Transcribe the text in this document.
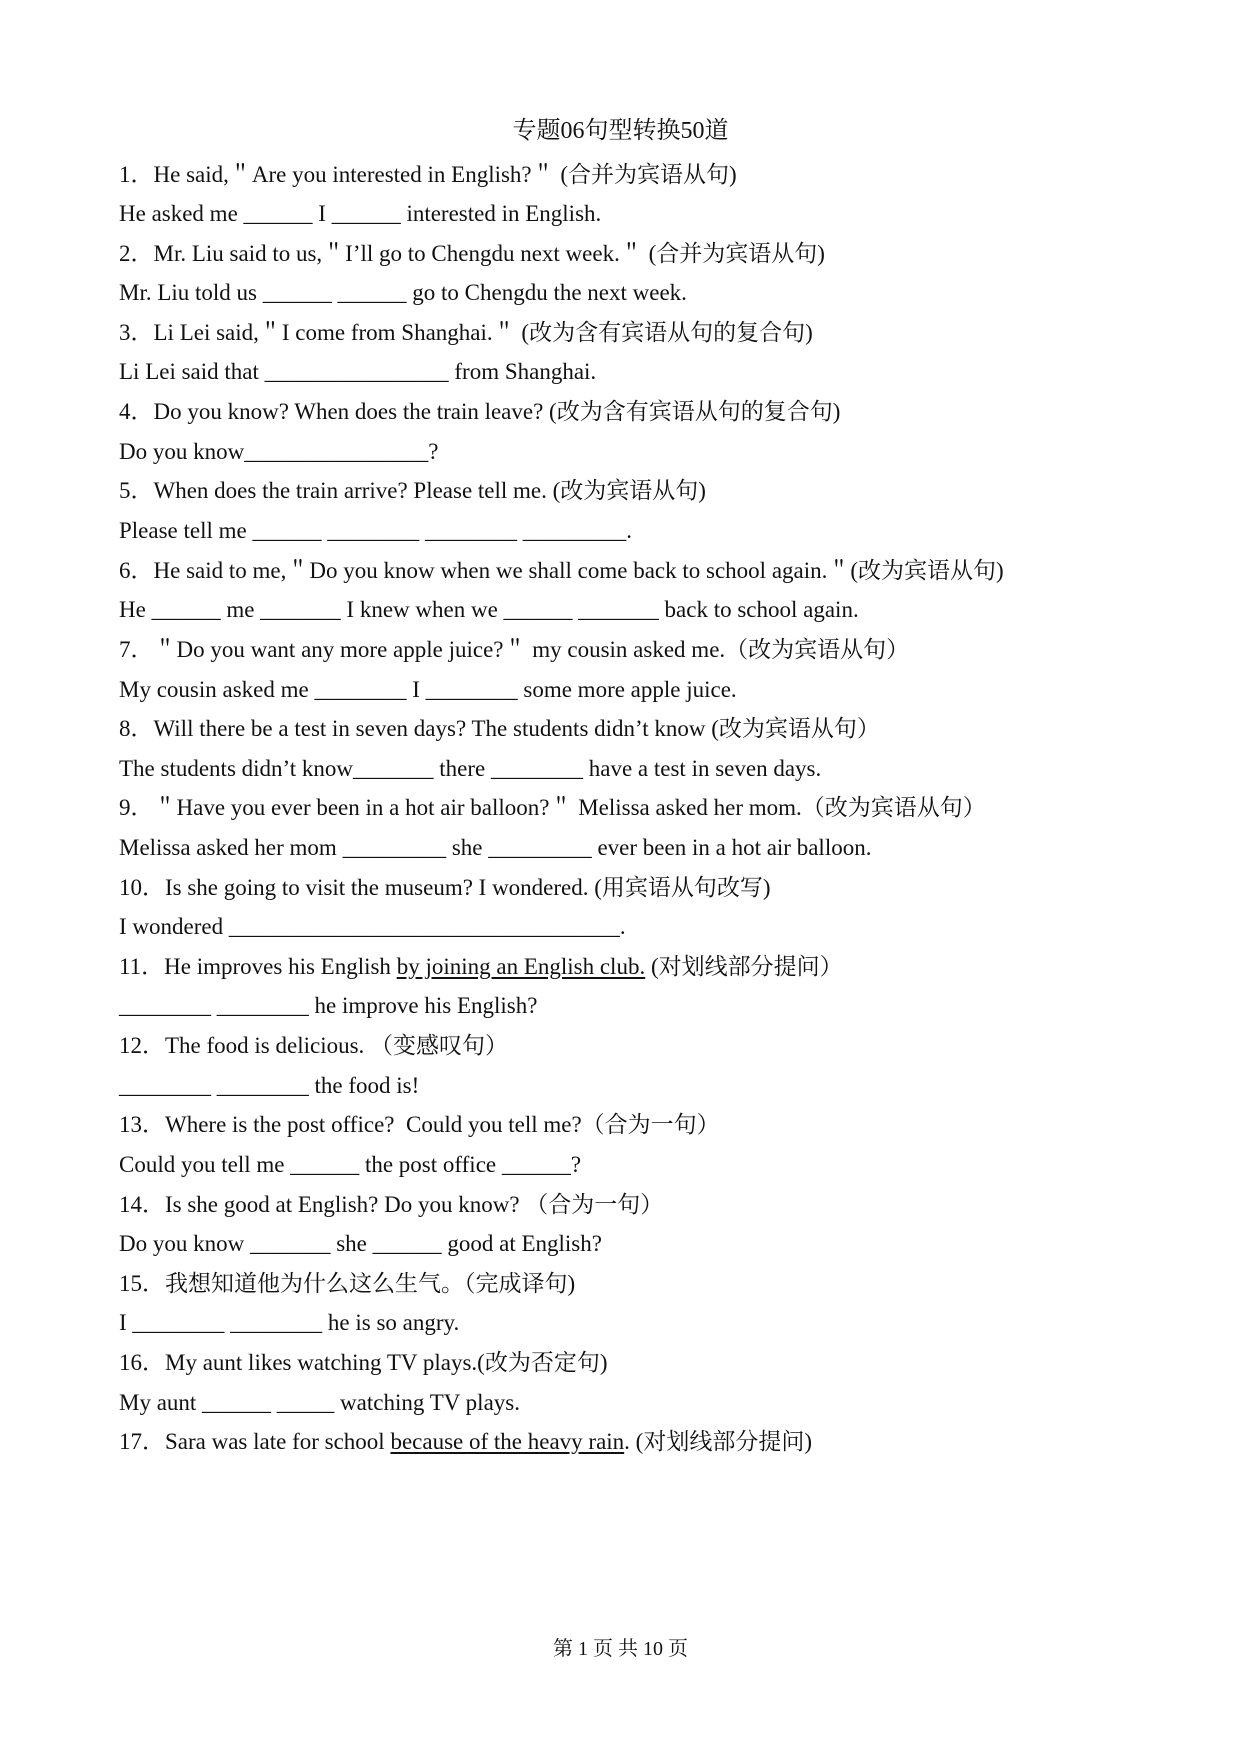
专题06句型转换50道
1．He said,＂Are you interested in English?＂ (合并为宾语从句)
He asked me ______ I ______ interested in English.
2．Mr. Liu said to us,＂I’ll go to Chengdu next week.＂ (合并为宾语从句)
Mr. Liu told us ______ ______ go to Chengdu the next week.
3．Li Lei said,＂I come from Shanghai.＂ (改为含有宾语从句的复合句)
Li Lei said that ________________ from Shanghai.
4．Do you know? When does the train leave? (改为含有宾语从句的复合句)
Do you know________________?
5．When does the train arrive? Please tell me. (改为宾语从句)
Please tell me ______ ________ ________ _________.
6．He said to me,＂Do you know when we shall come back to school again.＂(改为宾语从句)
He ______ me _______ I knew when we ______ _______ back to school again.
7．＂Do you want any more apple juice?＂ my cousin asked me.（改为宾语从句）
My cousin asked me ________ I ________ some more apple juice.
8．Will there be a test in seven days? The students didn’t know (改为宾语从句）
The students didn’t know_______ there ________ have a test in seven days.
9．＂Have you ever been in a hot air balloon?＂ Melissa asked her mom.（改为宾语从句）
Melissa asked her mom _________ she _________ ever been in a hot air balloon.
10．Is she going to visit the museum? I wondered. (用宾语从句改写)
I wondered __________________________________.
11．He improves his English by joining an English club. (对划线部分提问）
________ ________ he improve his English?
12．The food is delicious. （变感叹句）
________ ________ the food is!
13．Where is the post office?  Could you tell me?（合为一句）
Could you tell me ______ the post office ______?
14．Is she good at English? Do you know? （合为一句）
Do you know _______ she ______ good at English?
15．我想知道他为什么这么生气。（完成译句)
I ________ ________ he is so angry.
16．My aunt likes watching TV plays.(改为否定句)
My aunt ______ _____ watching TV plays.
17．Sara was late for school because of the heavy rain. (对划线部分提问)
第 1 页 共 10 页
